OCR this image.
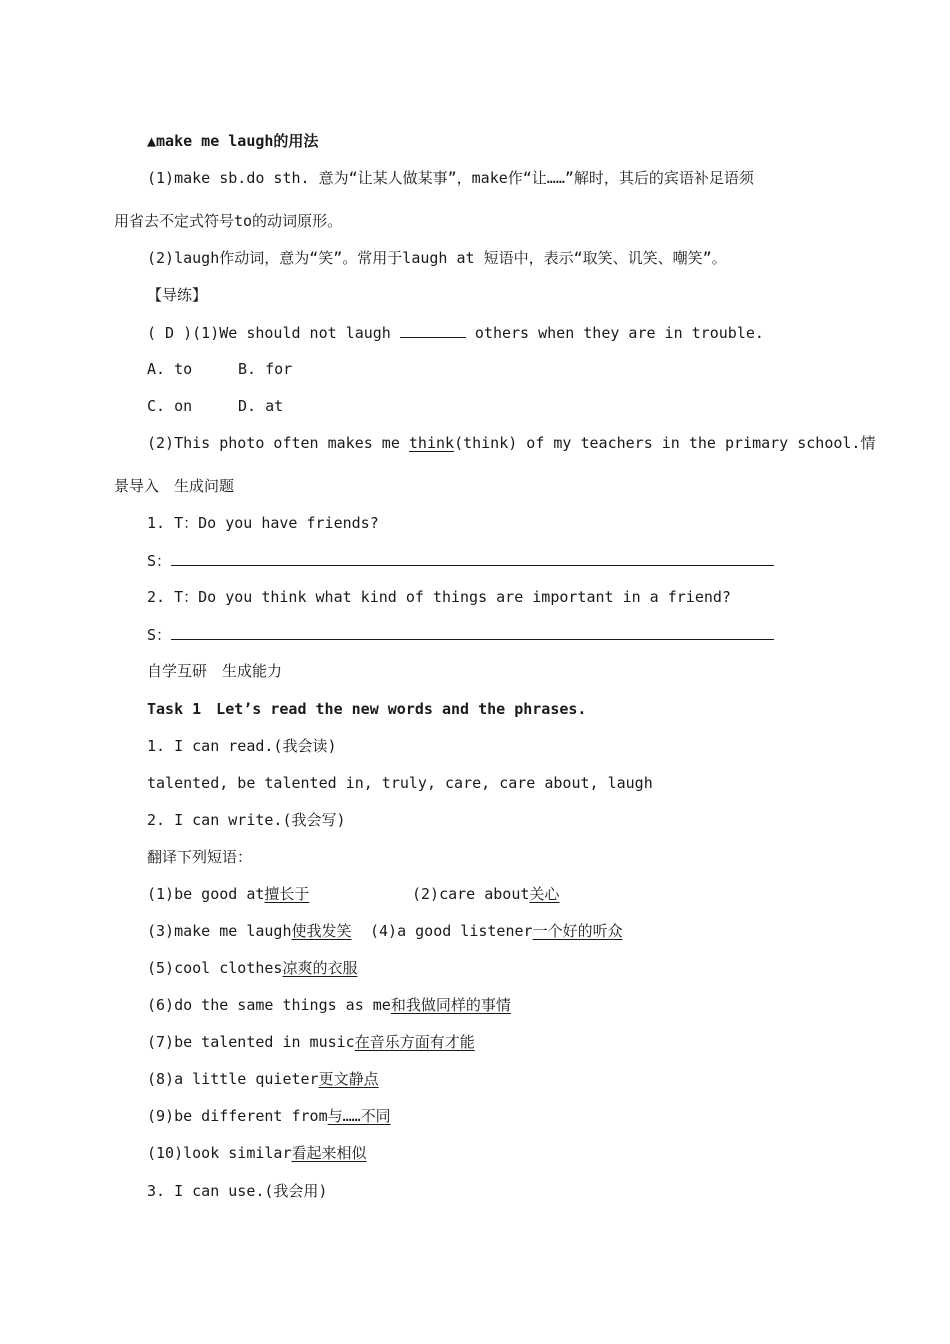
▲make me laugh的用法
(1)make sb.do sth. 意为“让某人做某事”，make作“让……”解时，其后的宾语补足语须
用省去不定式符号to的动词原形。
(2)laugh作动词，意为“笑”。常用于laugh at 短语中，表示“取笑、讥笑、嘲笑”。
【导练】
( D )(1)We should not laugh	others when they are in trouble.
A. to	B. for
C. on	D. at
(2)This photo often makes me think(think) of my teachers in the primary school.情
景导入　生成问题
1. T：Do you have friends?
S：
2. T：Do you think what kind of things are important in a friend?
S：
自学互研　生成能力
Task 1　Let’s read the new words and the phrases.
1. I can read.(我会读)
talented, be talented in, truly, care, care about, laugh
2. I can write.(我会写)
翻译下列短语：
(1)be good at擅长于	(2)care about关心
(3)make me laugh使我发笑 (4)a good listener一个好的听众
(5)cool clothes凉爽的衣服
(6)do the same things as me和我做同样的事情
(7)be talented in music在音乐方面有才能
(8)a little quieter更文静点
(9)be different from与……不同
(10)look similar看起来相似
3. I can use.(我会用)
